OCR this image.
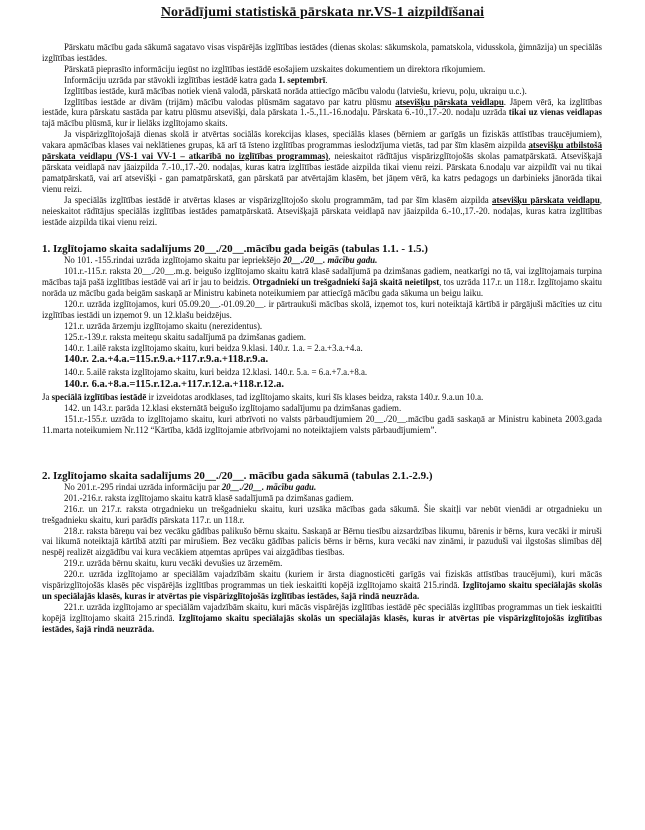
Norādījumi statistiskā pārskata nr.VS-1 aizpildīšanai

Pārskatu mācību gada sākumā sagatavo visas vispārējās izglītības iestādes (dienas skolas: sākumskola, pamatskola, vidusskola, ģimnāzija) un speciālās izglītības iestādes.

Pārskatā pieprasīto informāciju iegūst no izglītības iestādē esošajiem uzskaites dokumentiem un direktora rīkojumiem.

Informāciju uzrāda par stāvokli izglītības iestādē katra gada 1. septembrī.

Izglītības iestāde, kurā mācības notiek vienā valodā, pārskatā norāda attiecīgo mācību valodu (latviešu, krievu, poļu, ukraiņu u.c.).

Izglītības iestāde ar divām (trijām) mācību valodas plūsmām sagatavo par katru plūsmu atsevišķu pārskata veidlapu. Jāpem vērā, ka izglītības iestāde, kura pārskatu sastāda par katru plūsmu atsevišķi, dala pārskata 1.-5.,11.-16.nodaļu. Pārskata 6.-10.,17.-20. nodaļu uzrāda tikai uz vienas veidlapas tajā mācību plūsmā, kur ir lielāks izglītojamo skaits.

Ja vispārizglītojošajā dienas skolā ir atvērtas sociālās korekcijas klases, speciālās klases (bērniem ar garīgās un fiziskās attīstības traucējumiem), vakara apmācības klases vai neklātienes grupas, kā arī tā īsteno izglītības programmas ieslodzījuma vietās, tad par šīm klasēm aizpilda atsevišķu atbilstošā pārskata veidlapu (VS-1 vai VV-1 – atkarībā no izglītības programmas), neieskaitot rādītājus vispārizglītojošās skolas pamatpārskatā. Atsevišķajā pārskata veidlapā nav jāaizpilda 7.-10.,17.-20. nodaļas, kuras katra izglītības iestāde aizpilda tikai vienu reizi. Pārskata 6.nodaļu var aizpildīt vai nu tikai pamatpārskatā, vai arī atsevišķi - gan pamatpārskatā, gan pārskatā par atvērtajām klasēm, bet jāņem vērā, ka katrs pedagogs un darbinieks jānorāda tikai vienu reizi.

Ja speciālās izglītības iestādē ir atvērtas klases ar vispārizglītojošo skolu programmām, tad par šīm klasēm aizpilda atsevišķu pārskata veidlapu, neieskaitot rādītājus speciālās izglītības iestādes pamatpārskatā. Atsevišķajā pārskata veidlapā nav jāaizpilda 6.-10.,17.-20. nodaļas, kuras katra izglītības iestāde aizpilda tikai vienu reizi.

1. Izglītojamo skaita sadalījums 20__./20__.mācību gada beigās (tabulas 1.1. - 1.5.)

No 101. -155.rindai uzrāda izglītojamo skaitu par iepriekšējo 20__./20__. mācību gadu.

101.r.-115.r. raksta 20__./20__.m.g. beigušo izglītojamo skaitu katrā klasē sadalījumā pa dzimšanas gadiem, neatkarīgi no tā, vai izglītojamais turpina mācības tajā pašā izglītības iestādē vai arī ir jau to beidzis. Otrgadniekí un trešgadniekí šajā skaitā neietilpst, tos uzrāda 117.r. un 118.r. Izglītojamo skaitu norāda uz mācību gada beigām saskaņā ar Ministru kabineta noteikumiem par attiecīgā mācību gada sākuma un beigu laiku.

120.r. uzrāda izglītojamos, kuri 05.09.20__.-01.09.20__. ir pārtraukuši mācības skolā, izņemot tos, kuri noteiktajā kārtībā ir pārgājuši mācīties uz citu izglītības iestādi un izņemot 9. un 12.klašu beidzējus.

121.r. uzrāda ārzemju izglītojamo skaitu (nerezidentus).

125.r.-139.r. raksta meiteņu skaitu sadalījumā pa dzimšanas gadiem.

140.r. 1.ailē raksta izglītojamo skaitu, kuri beidza 9.klasi. 140.r. 1.a. = 2.a.+3.a.+4.a.

140.r. 2.a.+4.a.=115.r.9.a.+117.r.9.a.+118.r.9.a.

140.r. 5.ailē raksta izglītojamo skaitu, kuri beidza 12.klasi. 140.r. 5.a. = 6.a.+7.a.+8.a.

140.r. 6.a.+8.a.=115.r.12.a.+117.r.12.a.+118.r.12.a.

Ja speciālā izglītības iestādē ir izveidotas arodklases, tad izglītojamo skaits, kuri šīs klases beidza, raksta 140.r. 9.a.un 10.a.

142. un 143.r. parāda 12.klasi eksternātā beigušo izglītojamo sadalījumu pa dzimšanas gadiem.

151.r.-155.r. uzrāda to izglītojamo skaitu, kuri atbrīvoti no valsts pārbaudījumiem 20__./20__.mācību gadā saskaņā ar Ministru kabineta 2003.gada 11.marta noteikumiem Nr.112 “Kārtība, kādā izglītojamie atbrīvojami no noteiktajiem valsts pārbaudījumiem”.

2. Izglītojamo skaita sadalījums 20__./20__. mācību gada sākumā (tabulas 2.1.-2.9.)

No 201.r.-295 rindai uzrāda informāciju par 20__./20__. mācību gadu.

201.-216.r. raksta izglītojamo skaitu katrā klasē sadalījumā pa dzimšanas gadiem.

216.r. un 217.r. raksta otrgadnieku un trešgadnieku skaitu, kuri uzsāka mācības gada sākumā. Šie skaitļi var nebūt vienādi ar otrgadnieku un trešgadnieku skaitu, kuri parādīs pārskata 117.r. un 118.r.

218.r. raksta bāreņu vai bez vecāku gādības palikušo bērnu skaitu. Saskaņā ar Bērnu tiesību aizsardzības likumu, bārenis ir bērns, kura vecāki ir miruši vai likumā noteiktajā kārtībā atzīti par mirušiem. Bez vecāku gādības palicis bērns ir bērns, kura vecāki nav zināmi, ir pazuduši vai ilgstošas slimības dēļ nespēj realizēt aizgādību vai kura vecākiem atņemtas aprūpes vai aizgādības tiesības.

219.r. uzrāda bērnu skaitu, kuru vecāki devušies uz ārzemēm.

220.r. uzrāda izglītojamo ar speciālām vajadzībām skaitu (kuriem ir ārsta diagnosticēti garīgās vai fiziskās attīstības traucējumi), kuri mācās vispārizglītojošās klasēs pēc vispārējās izglītības programmas un tiek ieskaitīti kopējā izglītojamo skaitā 215.rindā. Izglītojamo skaitu speciālajās skolās un speciālajās klasēs, kuras ir atvērtas pie vispārizglītojošās izglītības iestādes, šajā rindā neuzrāda.

221.r. uzrāda izglītojamo ar speciālām vajadzībām skaitu, kuri mācās vispārējās izglītības iestādē pēc speciālās izglītības programmas un tiek ieskaitīti kopējā izglītojamo skaitā 215.rindā. Izglītojamo skaitu speciālajās skolās un speciālajās klasēs, kuras ir atvērtas pie vispārizglītojošās izglītības iestādes, šajā rindā neuzrāda.
